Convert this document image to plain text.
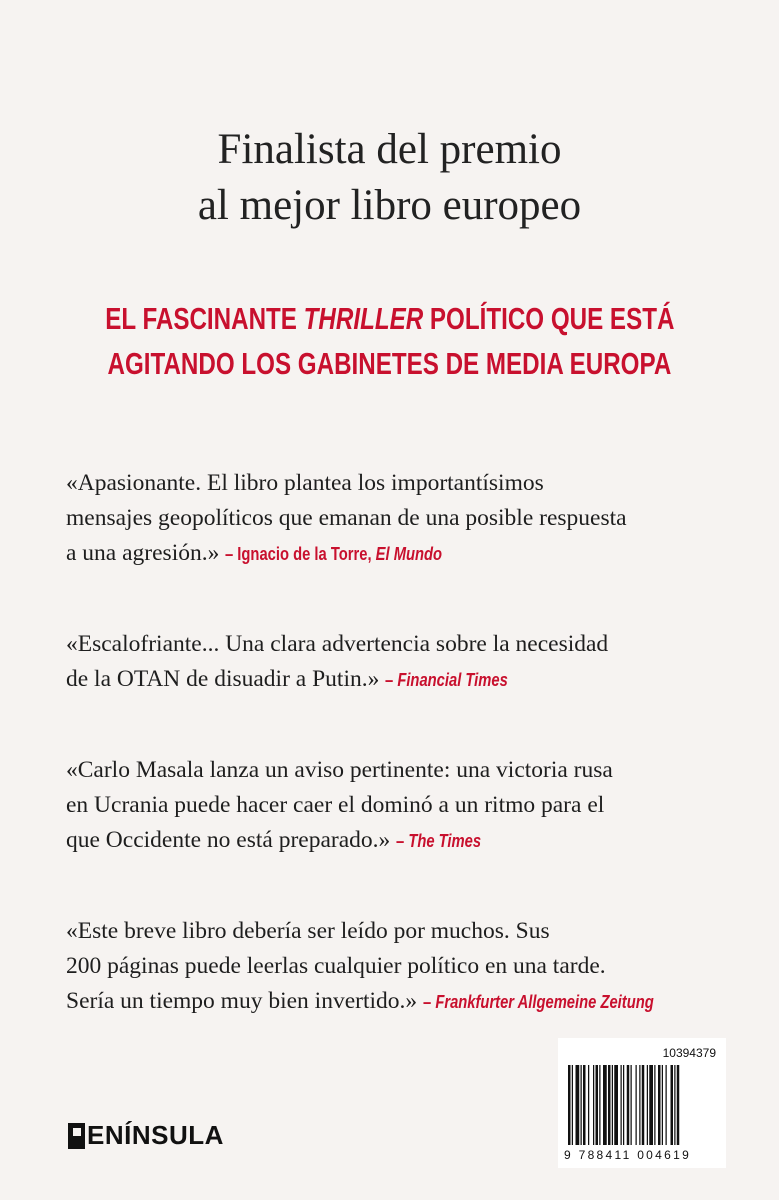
Finalista del premio
al mejor libro europeo
EL FASCINANTE THRILLER POLÍTICO QUE ESTÁ
AGITANDO LOS GABINETES DE MEDIA EUROPA
«Apasionante. El libro plantea los importantísimos
mensajes geopolíticos que emanan de una posible respuesta
a una agresión.» – Ignacio de la Torre, El Mundo
«Escalofriante... Una clara advertencia sobre la necesidad
de la OTAN de disuadir a Putin.» – Financial Times
«Carlo Masala lanza un aviso pertinente: una victoria rusa
en Ucrania puede hacer caer el dominó a un ritmo para el
que Occidente no está preparado.» – The Times
«Este breve libro debería ser leído por muchos. Sus
200 páginas puede leerlas cualquier político en una tarde.
Sería un tiempo muy bien invertido.» – Frankfurter Allgemeine Zeitung
ENÍNSULA
10394379
9 788411 004619
